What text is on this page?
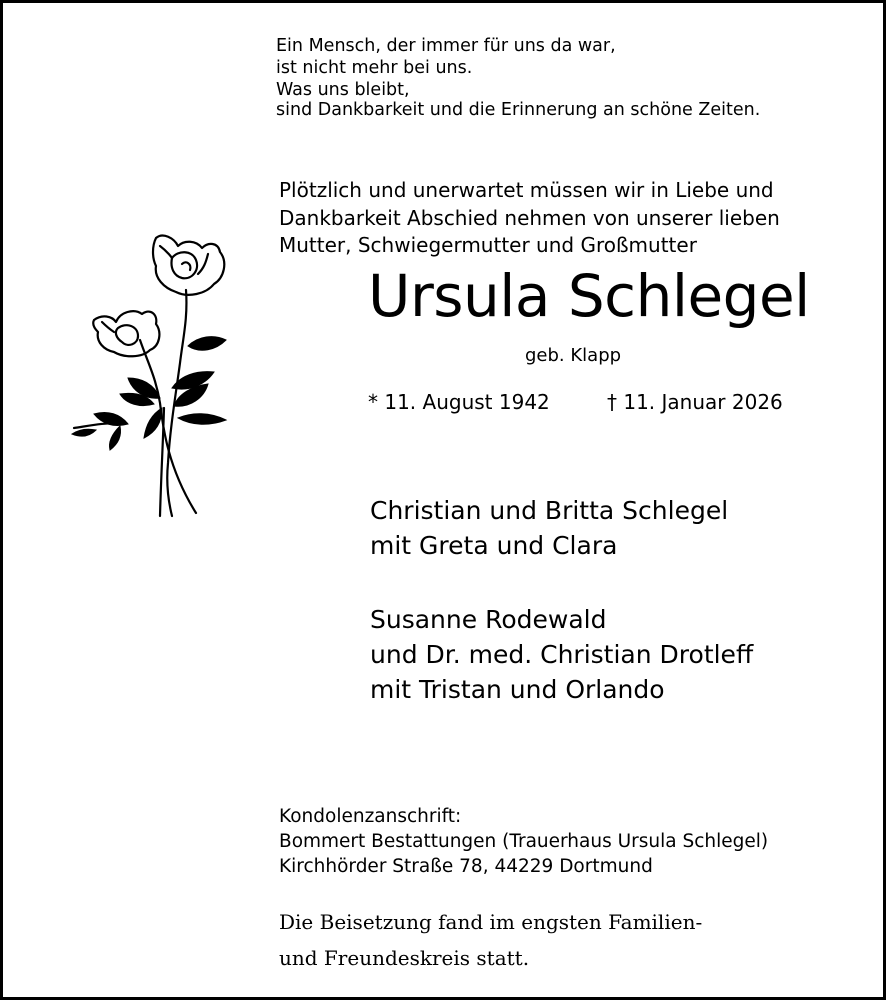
Ein Mensch, der immer für uns da war,
ist nicht mehr bei uns.
Was uns bleibt,
sind Dankbarkeit und die Erinnerung an schöne Zeiten.
Plötzlich und unerwartet müssen wir in Liebe und
Dankbarkeit Abschied nehmen von unserer lieben
Mutter, Schwiegermutter und Großmutter
Ursula Schlegel
geb. Klapp
* 11. August 1942	† 11. Januar 2026
Christian und Britta Schlegel
mit Greta und Clara
Susanne Rodewald
und Dr. med. Christian Drotleff
mit Tristan und Orlando
Kondolenzanschrift:
Bommert Bestattungen (Trauerhaus Ursula Schlegel)
Kirchhörder Straße 78, 44229 Dortmund
Die Beisetzung fand im engsten Familien-
und Freundeskreis statt.
